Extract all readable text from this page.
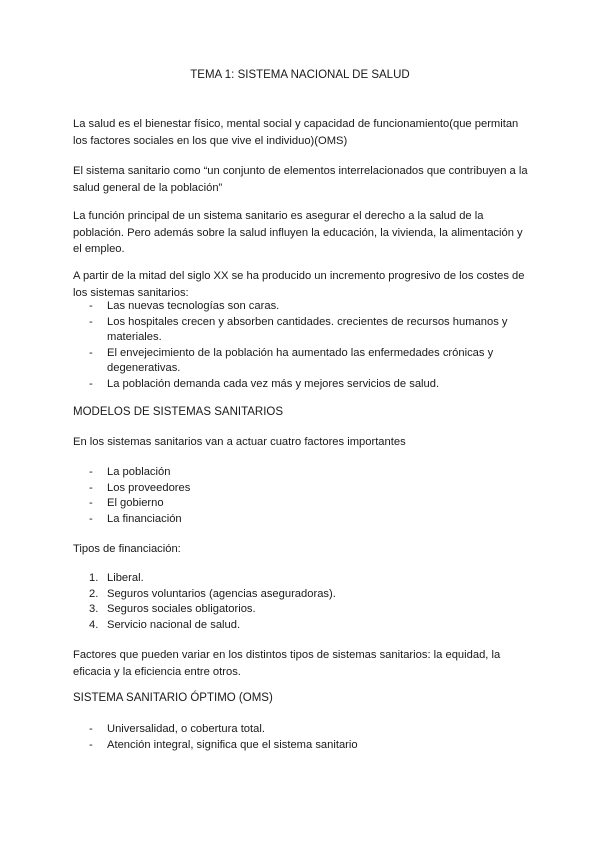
TEMA 1: SISTEMA NACIONAL DE SALUD

La salud es el bienestar físico, mental social y capacidad de funcionamiento(que permitan los factores sociales en los que vive el individuo)(OMS)

El sistema sanitario como “un conjunto de elementos interrelacionados que contribuyen a la salud general de la población”

La función principal de un sistema sanitario es asegurar el derecho a la salud de la población. Pero además sobre la salud influyen la educación, la vivienda, la alimentación y el empleo.

A partir de la mitad del siglo XX se ha producido un incremento progresivo de los costes de los sistemas sanitarios:

- Las nuevas tecnologías son caras.
- Los hospitales crecen y absorben cantidades. crecientes de recursos humanos y materiales.
- El envejecimiento de la población ha aumentado las enfermedades crónicas y degenerativas.
- La población demanda cada vez más y mejores servicios de salud.
MODELOS DE SISTEMAS SANITARIOS

En los sistemas sanitarios van a actuar cuatro factores importantes

- La población
- Los proveedores
- El gobierno
- La financiación

Tipos de financiación:

1. Liberal.
2. Seguros voluntarios (agencias aseguradoras).
3. Seguros sociales obligatorios.
4. Servicio nacional de salud.

Factores que pueden variar en los distintos tipos de sistemas sanitarios: la equidad, la eficacia y la eficiencia entre otros.

SISTEMA SANITARIO ÓPTIMO (OMS)
- Universalidad, o cobertura total.
- Atención integral, significa que el sistema sanitario
